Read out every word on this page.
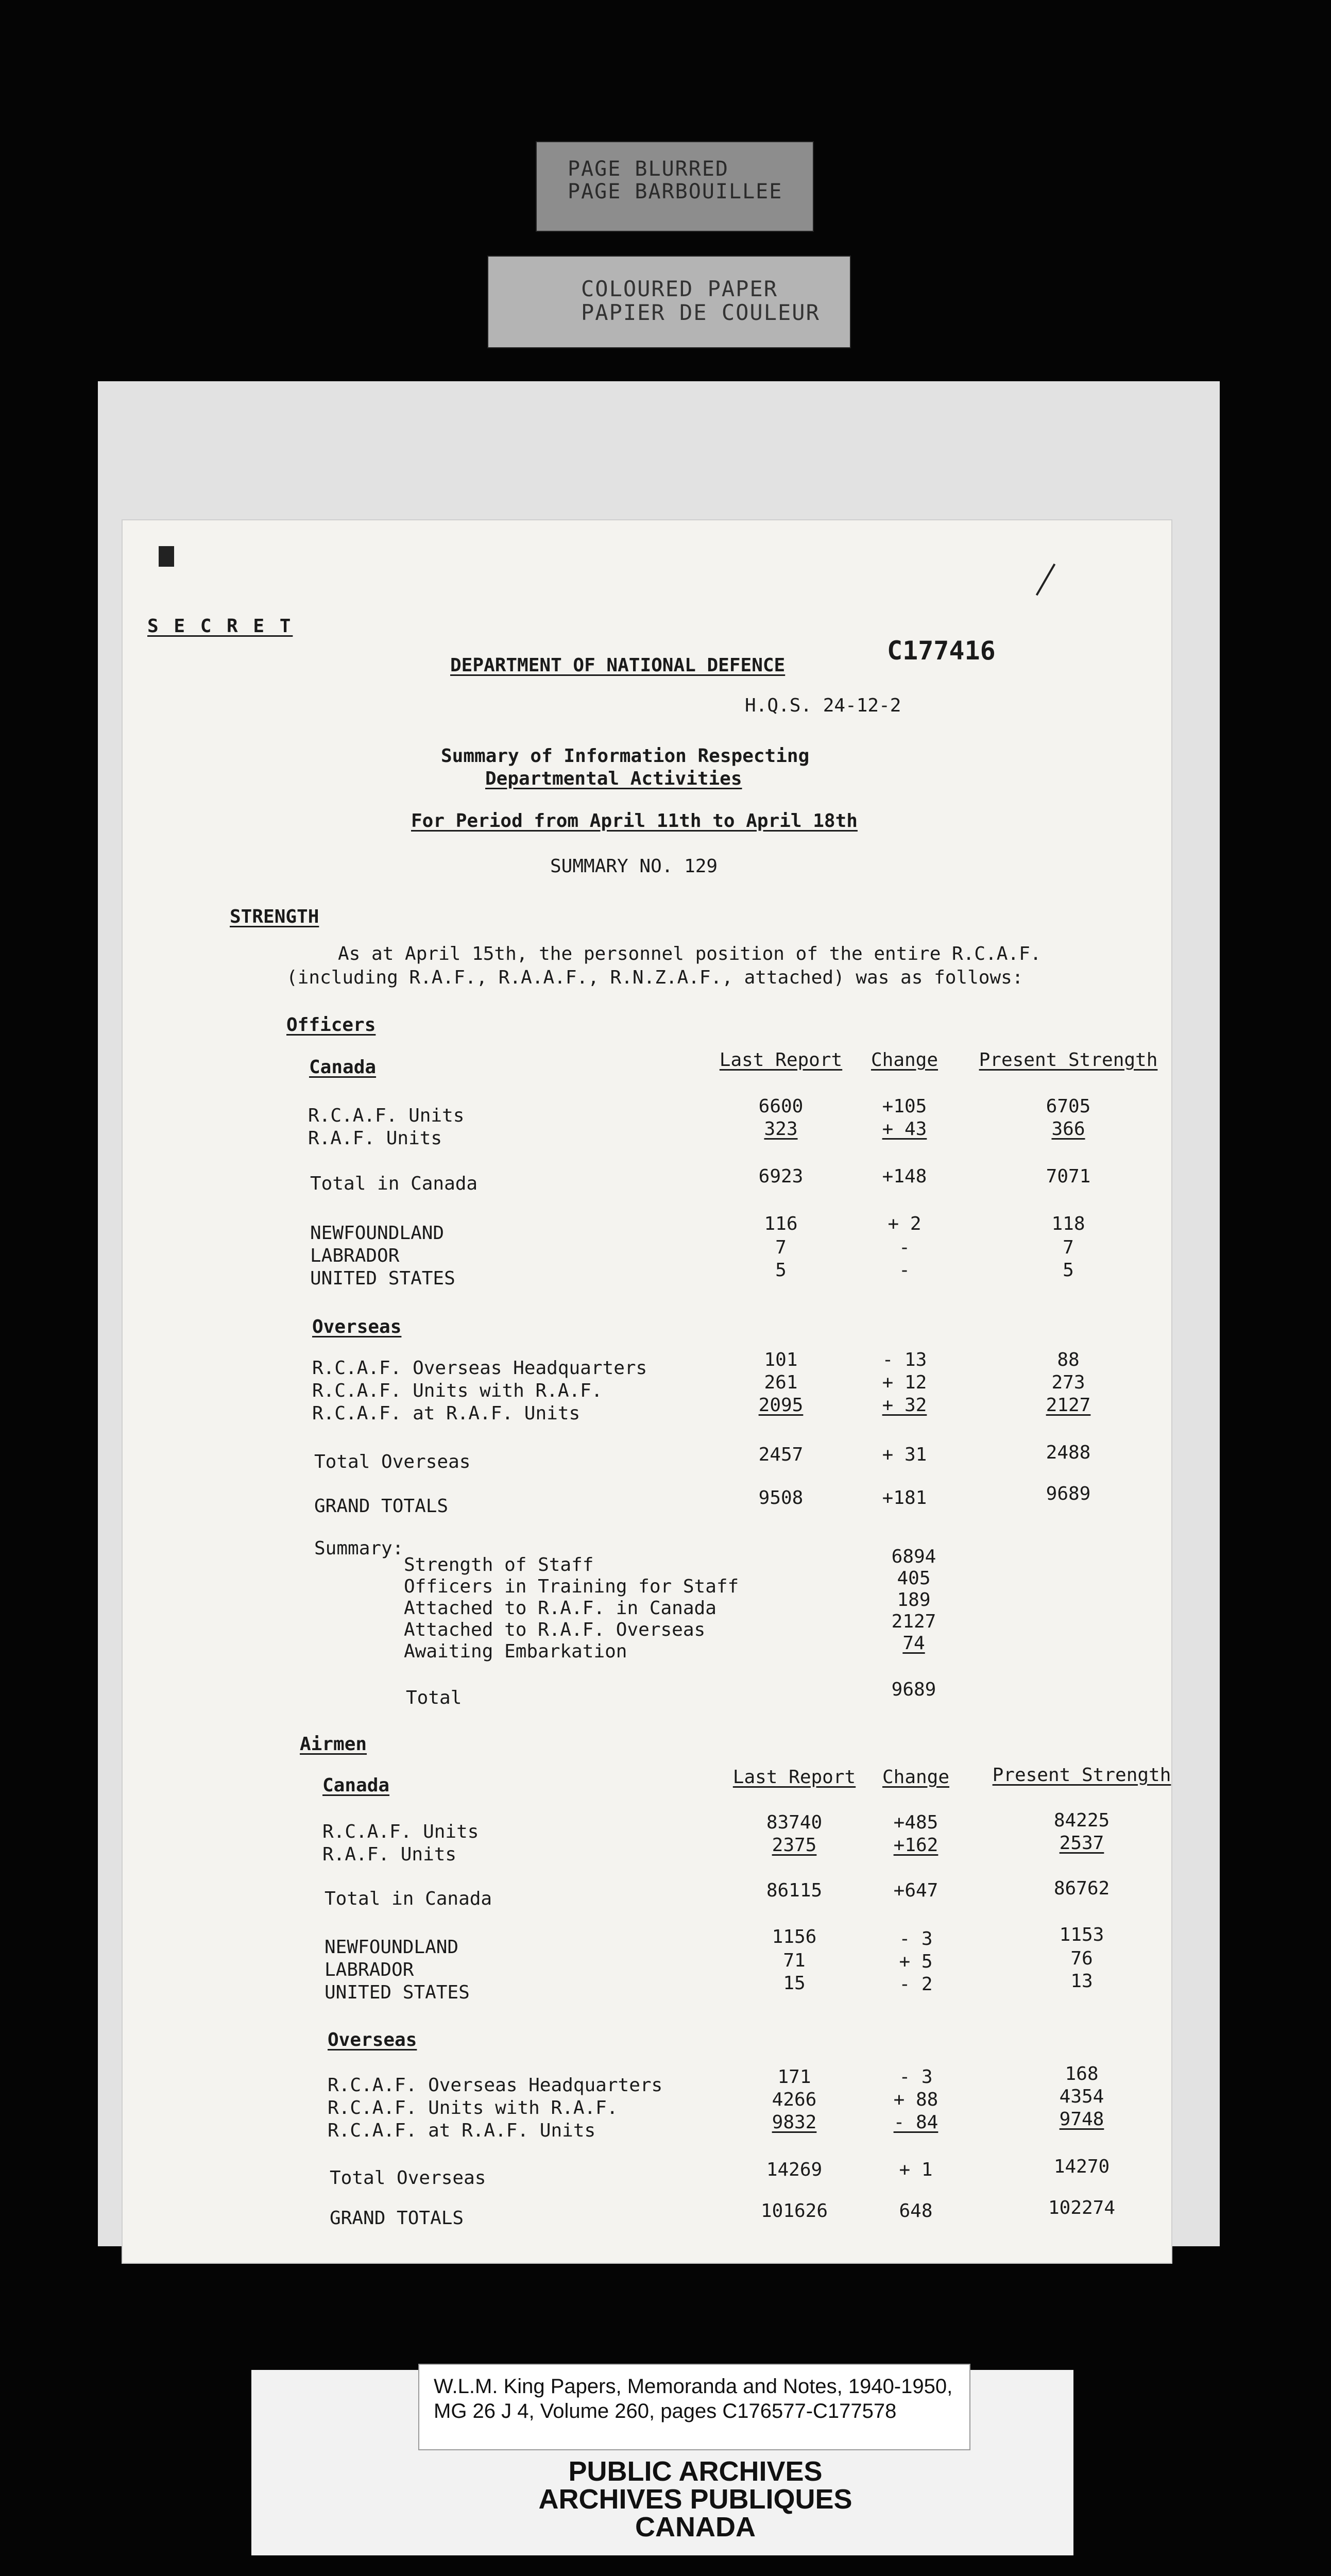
PAGE BLURRED
PAGE BARBOUILLEE
COLOURED PAPER
PAPIER DE COULEUR
S E C R E T
DEPARTMENT OF NATIONAL DEFENCE	C177416
H.Q.S. 24-12-2
Summary of Information Respecting
Departmental Activities
For Period from April 11th to April 18th
SUMMARY NO. 129
STRENGTH
As at April 15th, the personnel position of the entire R.C.A.F.
(including R.A.F., R.A.A.F., R.N.Z.A.F., attached) was as follows:
Officers
Canada	Last Report	Change	Present Strength
R.C.A.F. Units	6600	+105	6705
R.A.F. Units	323	+ 43	366
Total in Canada	6923	+148	7071
NEWFOUNDLAND	116	+ 2	118
LABRADOR	7	-	7
UNITED STATES	5	-	5
Overseas
R.C.A.F. Overseas Headquarters	101	- 13	88
R.C.A.F. Units with R.A.F.	261	+ 12	273
R.C.A.F. at R.A.F. Units	2095	+ 32	2127
Total Overseas	2457	+ 31	2488
GRAND TOTALS	9508	+181	9689
Summary:
Strength of Staff	6894
Officers in Training for Staff	405
Attached to R.A.F. in Canada	189
Attached to R.A.F. Overseas	2127
Awaiting Embarkation	74
Total	9689
Airmen
Canada	Last Report	Change	Present Strength
R.C.A.F. Units	83740	+485	84225
R.A.F. Units	2375	+162	2537
Total in Canada	86115	+647	86762
NEWFOUNDLAND	1156	- 3	1153
LABRADOR	71	+ 5	76
UNITED STATES	15	- 2	13
Overseas
R.C.A.F. Overseas Headquarters	171	- 3	168
R.C.A.F. Units with R.A.F.	4266	+ 88	4354
R.C.A.F. at R.A.F. Units	9832	- 84	9748
Total Overseas	14269	+ 1	14270
GRAND TOTALS	101626	648	102274
W.L.M. King Papers, Memoranda and Notes, 1940-1950,
MG 26 J 4, Volume 260, pages C176577-C177578
PUBLIC ARCHIVES
ARCHIVES PUBLIQUES
CANADA
